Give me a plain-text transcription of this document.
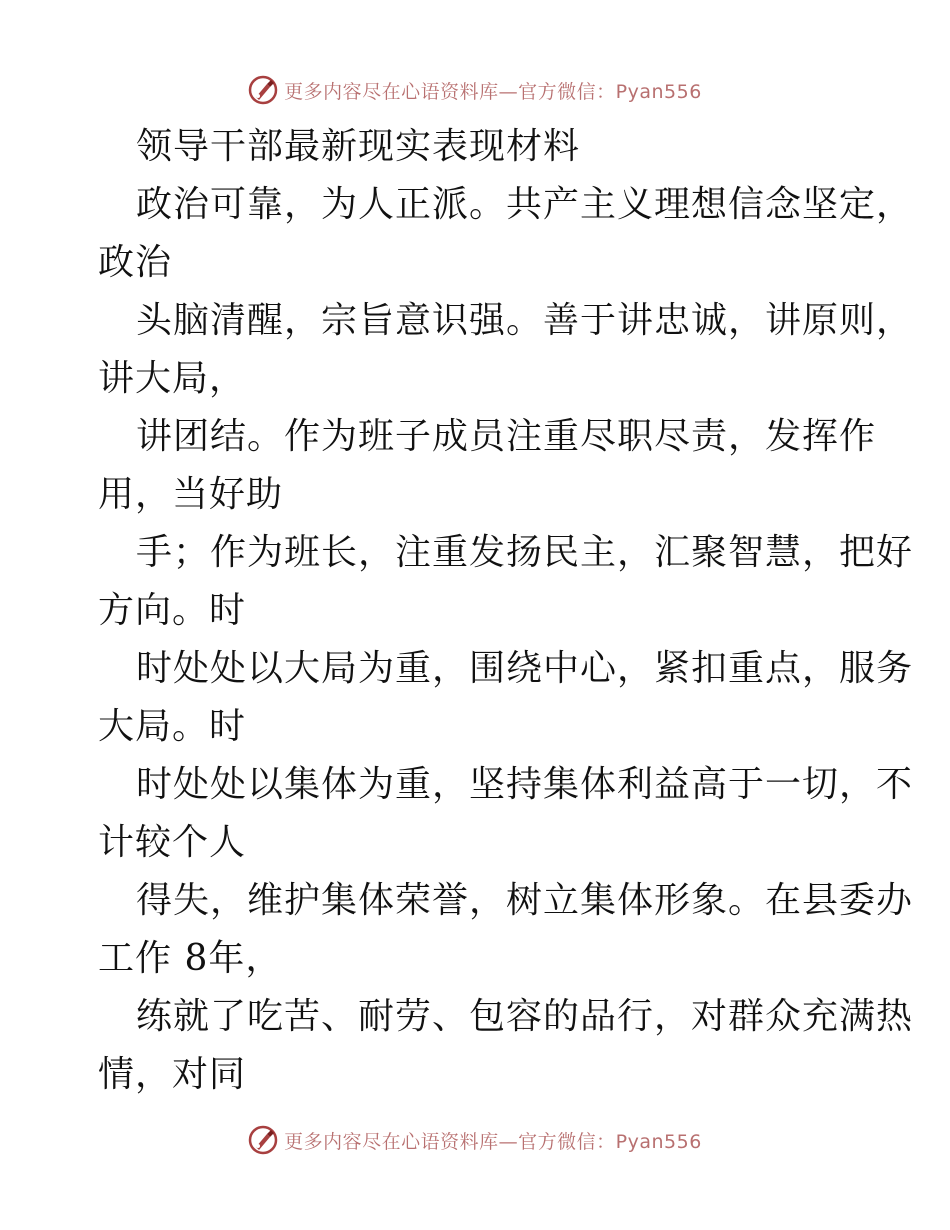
更多内容尽在心语资料库—官方微信：Pyan556
领导干部最新现实表现材料
政治可靠，为人正派。共产主义理想信念坚定，
政治
头脑清醒，宗旨意识强。善于讲忠诚，讲原则，
讲大局，
讲团结。作为班子成员注重尽职尽责，发挥作
用，当好助
手；作为班长，注重发扬民主，汇聚智慧，把好
方向。时
时处处以大局为重，围绕中心，紧扣重点，服务
大局。时
时处处以集体为重，坚持集体利益高于一切，不
计较个人
得失，维护集体荣誉，树立集体形象。在县委办
工作 8年，
练就了吃苦、耐劳、包容的品行，对群众充满热
情，对同
更多内容尽在心语资料库—官方微信：Pyan556
